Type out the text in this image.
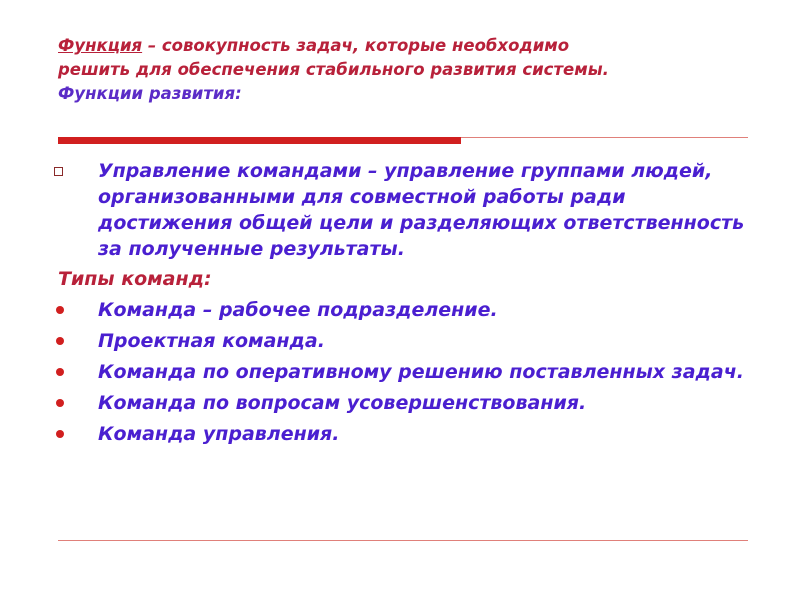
Функция – совокупность задач, которые необходимо
решить для обеспечения стабильного развития системы.
Функции развития:
Управление командами – управление группами людей, организованными для совместной работы ради достижения общей цели и разделяющих ответственность за полученные результаты.
Типы команд:
Команда – рабочее подразделение.
Проектная команда.
Команда по оперативному решению поставленных задач.
Команда по вопросам усовершенствования.
Команда управления.
